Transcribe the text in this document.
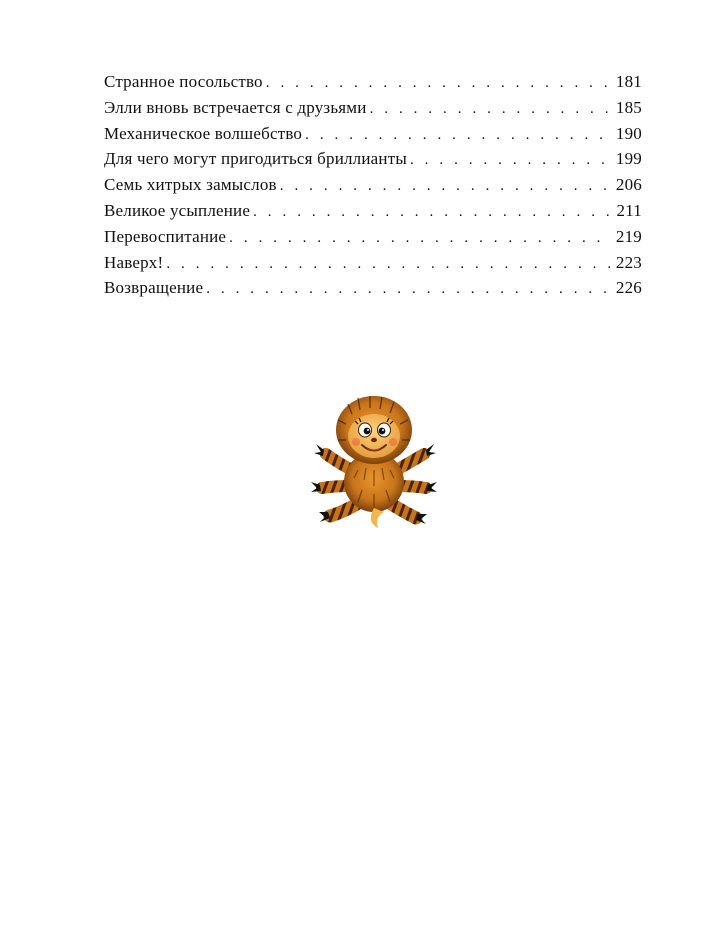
Странное посольство . . .	181
Элли вновь встречается с друзьями . . .	185
Механическое волшебство . . .	190
Для чего могут пригодиться бриллианты . . .	199
Семь хитрых замыслов . . .	206
Великое усыпление . . .	211
Перевоспитание . . .	219
Наверх! . . .	223
Возвращение . . .	226
